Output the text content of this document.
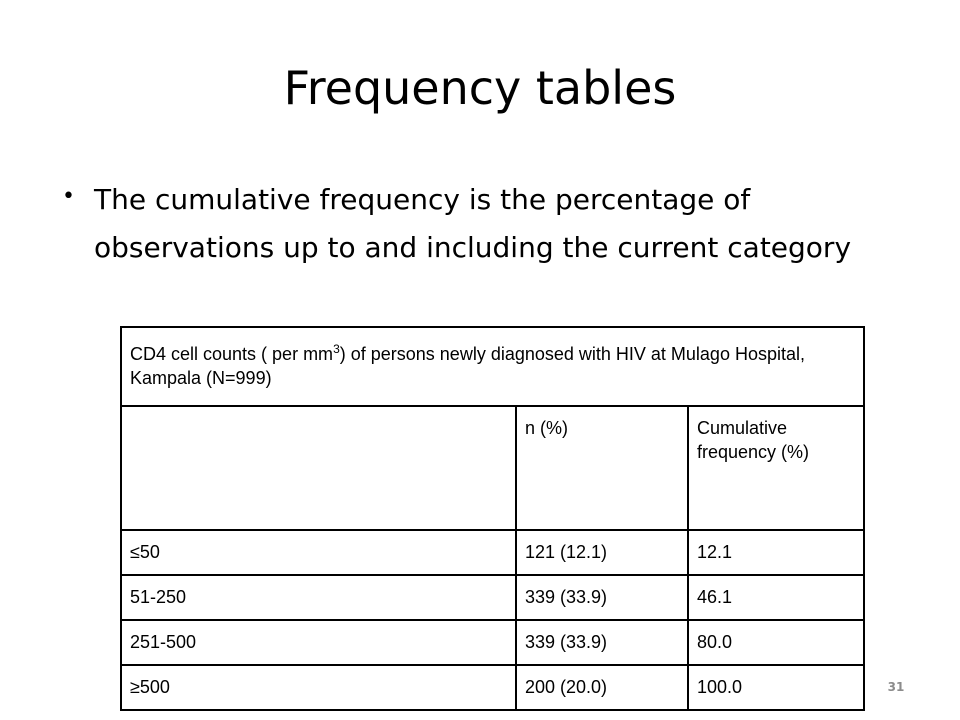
Frequency tables
• The cumulative frequency is the percentage of observations up to and including the current category
CD4 cell counts ( per $mm^3$) of persons newly diagnosed with HIV at Mulago Hospital, Kampala (N=999)		
	n (%)	Cumulative frequency (%)
≤50	121 (12.1)	12.1
51-250	339 (33.9)	46.1
251-500	339 (33.9)	80.0
≥500	200 (20.0)	100.0	31
